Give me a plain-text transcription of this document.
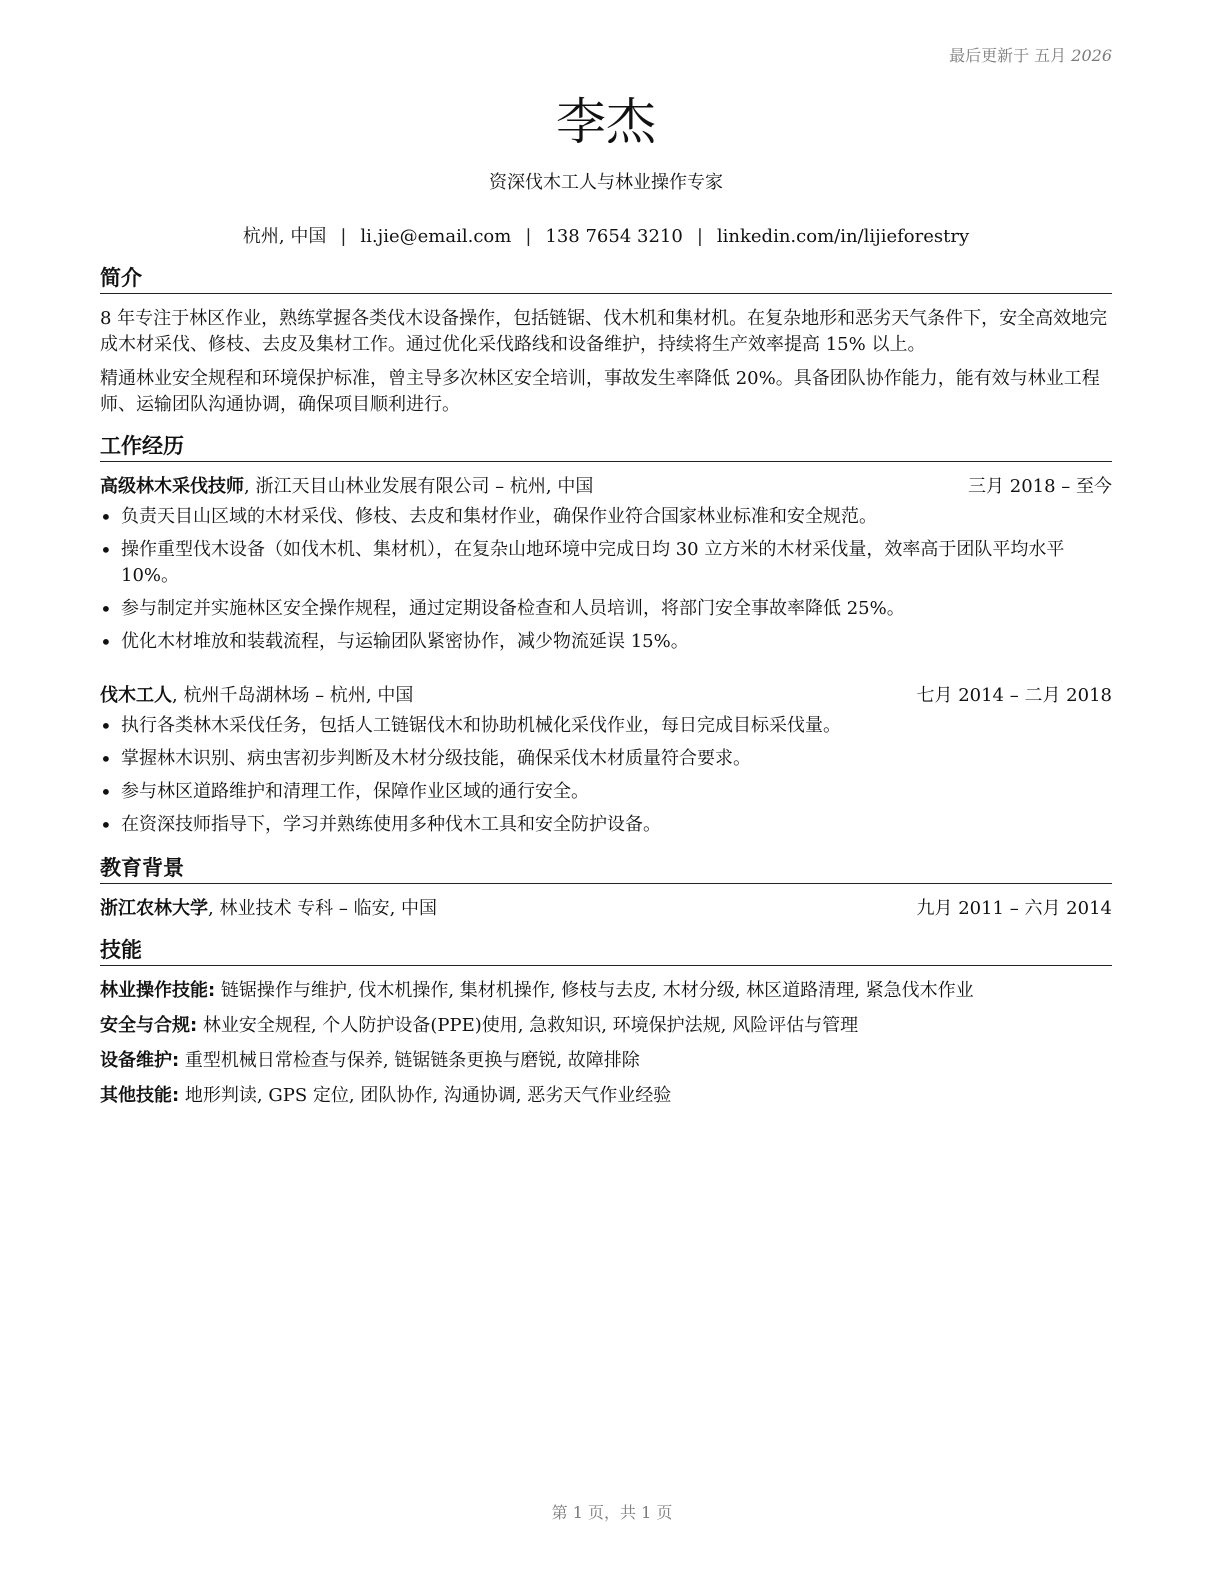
最后更新于 五月 2026
李杰
资深伐木工人与林业操作专家
杭州, 中国 | li.jie@email.com | 138 7654 3210 | linkedin.com/in/lijieforestry
简介

8 年专注于林区作业，熟练掌握各类伐木设备操作，包括链锯、伐木机和集材机。在复杂地形和恶劣天气条件下，安全高效地完成木材采伐、修枝、去皮及集材工作。通过优化采伐路线和设备维护，持续将生产效率提高 15% 以上。

精通林业安全规程和环境保护标准，曾主导多次林区安全培训，事故发生率降低 20%。具备团队协作能力，能有效与林业工程师、运输团队沟通协调，确保项目顺利进行。

工作经历
高级林木采伐技师, 浙江天目山林业发展有限公司 – 杭州, 中国	三月 2018 – 至今
• 负责天目山区域的木材采伐、修枝、去皮和集材作业，确保作业符合国家林业标准和安全规范。
• 操作重型伐木设备（如伐木机、集材机），在复杂山地环境中完成日均 30 立方米的木材采伐量，效率高于团队平均水平 10%。
• 参与制定并实施林区安全操作规程，通过定期设备检查和人员培训，将部门安全事故率降低 25%。
• 优化木材堆放和装载流程，与运输团队紧密协作，减少物流延误 15%。
伐木工人, 杭州千岛湖林场 – 杭州, 中国	七月 2014 – 二月 2018
• 执行各类林木采伐任务，包括人工链锯伐木和协助机械化采伐作业，每日完成目标采伐量。
• 掌握林木识别、病虫害初步判断及木材分级技能，确保采伐木材质量符合要求。
• 参与林区道路维护和清理工作，保障作业区域的通行安全。
• 在资深技师指导下，学习并熟练使用多种伐木工具和安全防护设备。
教育背景
浙江农林大学, 林业技术 专科 – 临安, 中国	九月 2011 – 六月 2014
技能
林业操作技能: 链锯操作与维护, 伐木机操作, 集材机操作, 修枝与去皮, 木材分级, 林区道路清理, 紧急伐木作业
安全与合规: 林业安全规程, 个人防护设备(PPE)使用, 急救知识, 环境保护法规, 风险评估与管理
设备维护: 重型机械日常检查与保养, 链锯链条更换与磨锐, 故障排除
其他技能: 地形判读, GPS 定位, 团队协作, 沟通协调, 恶劣天气作业经验
第 1 页，共 1 页
